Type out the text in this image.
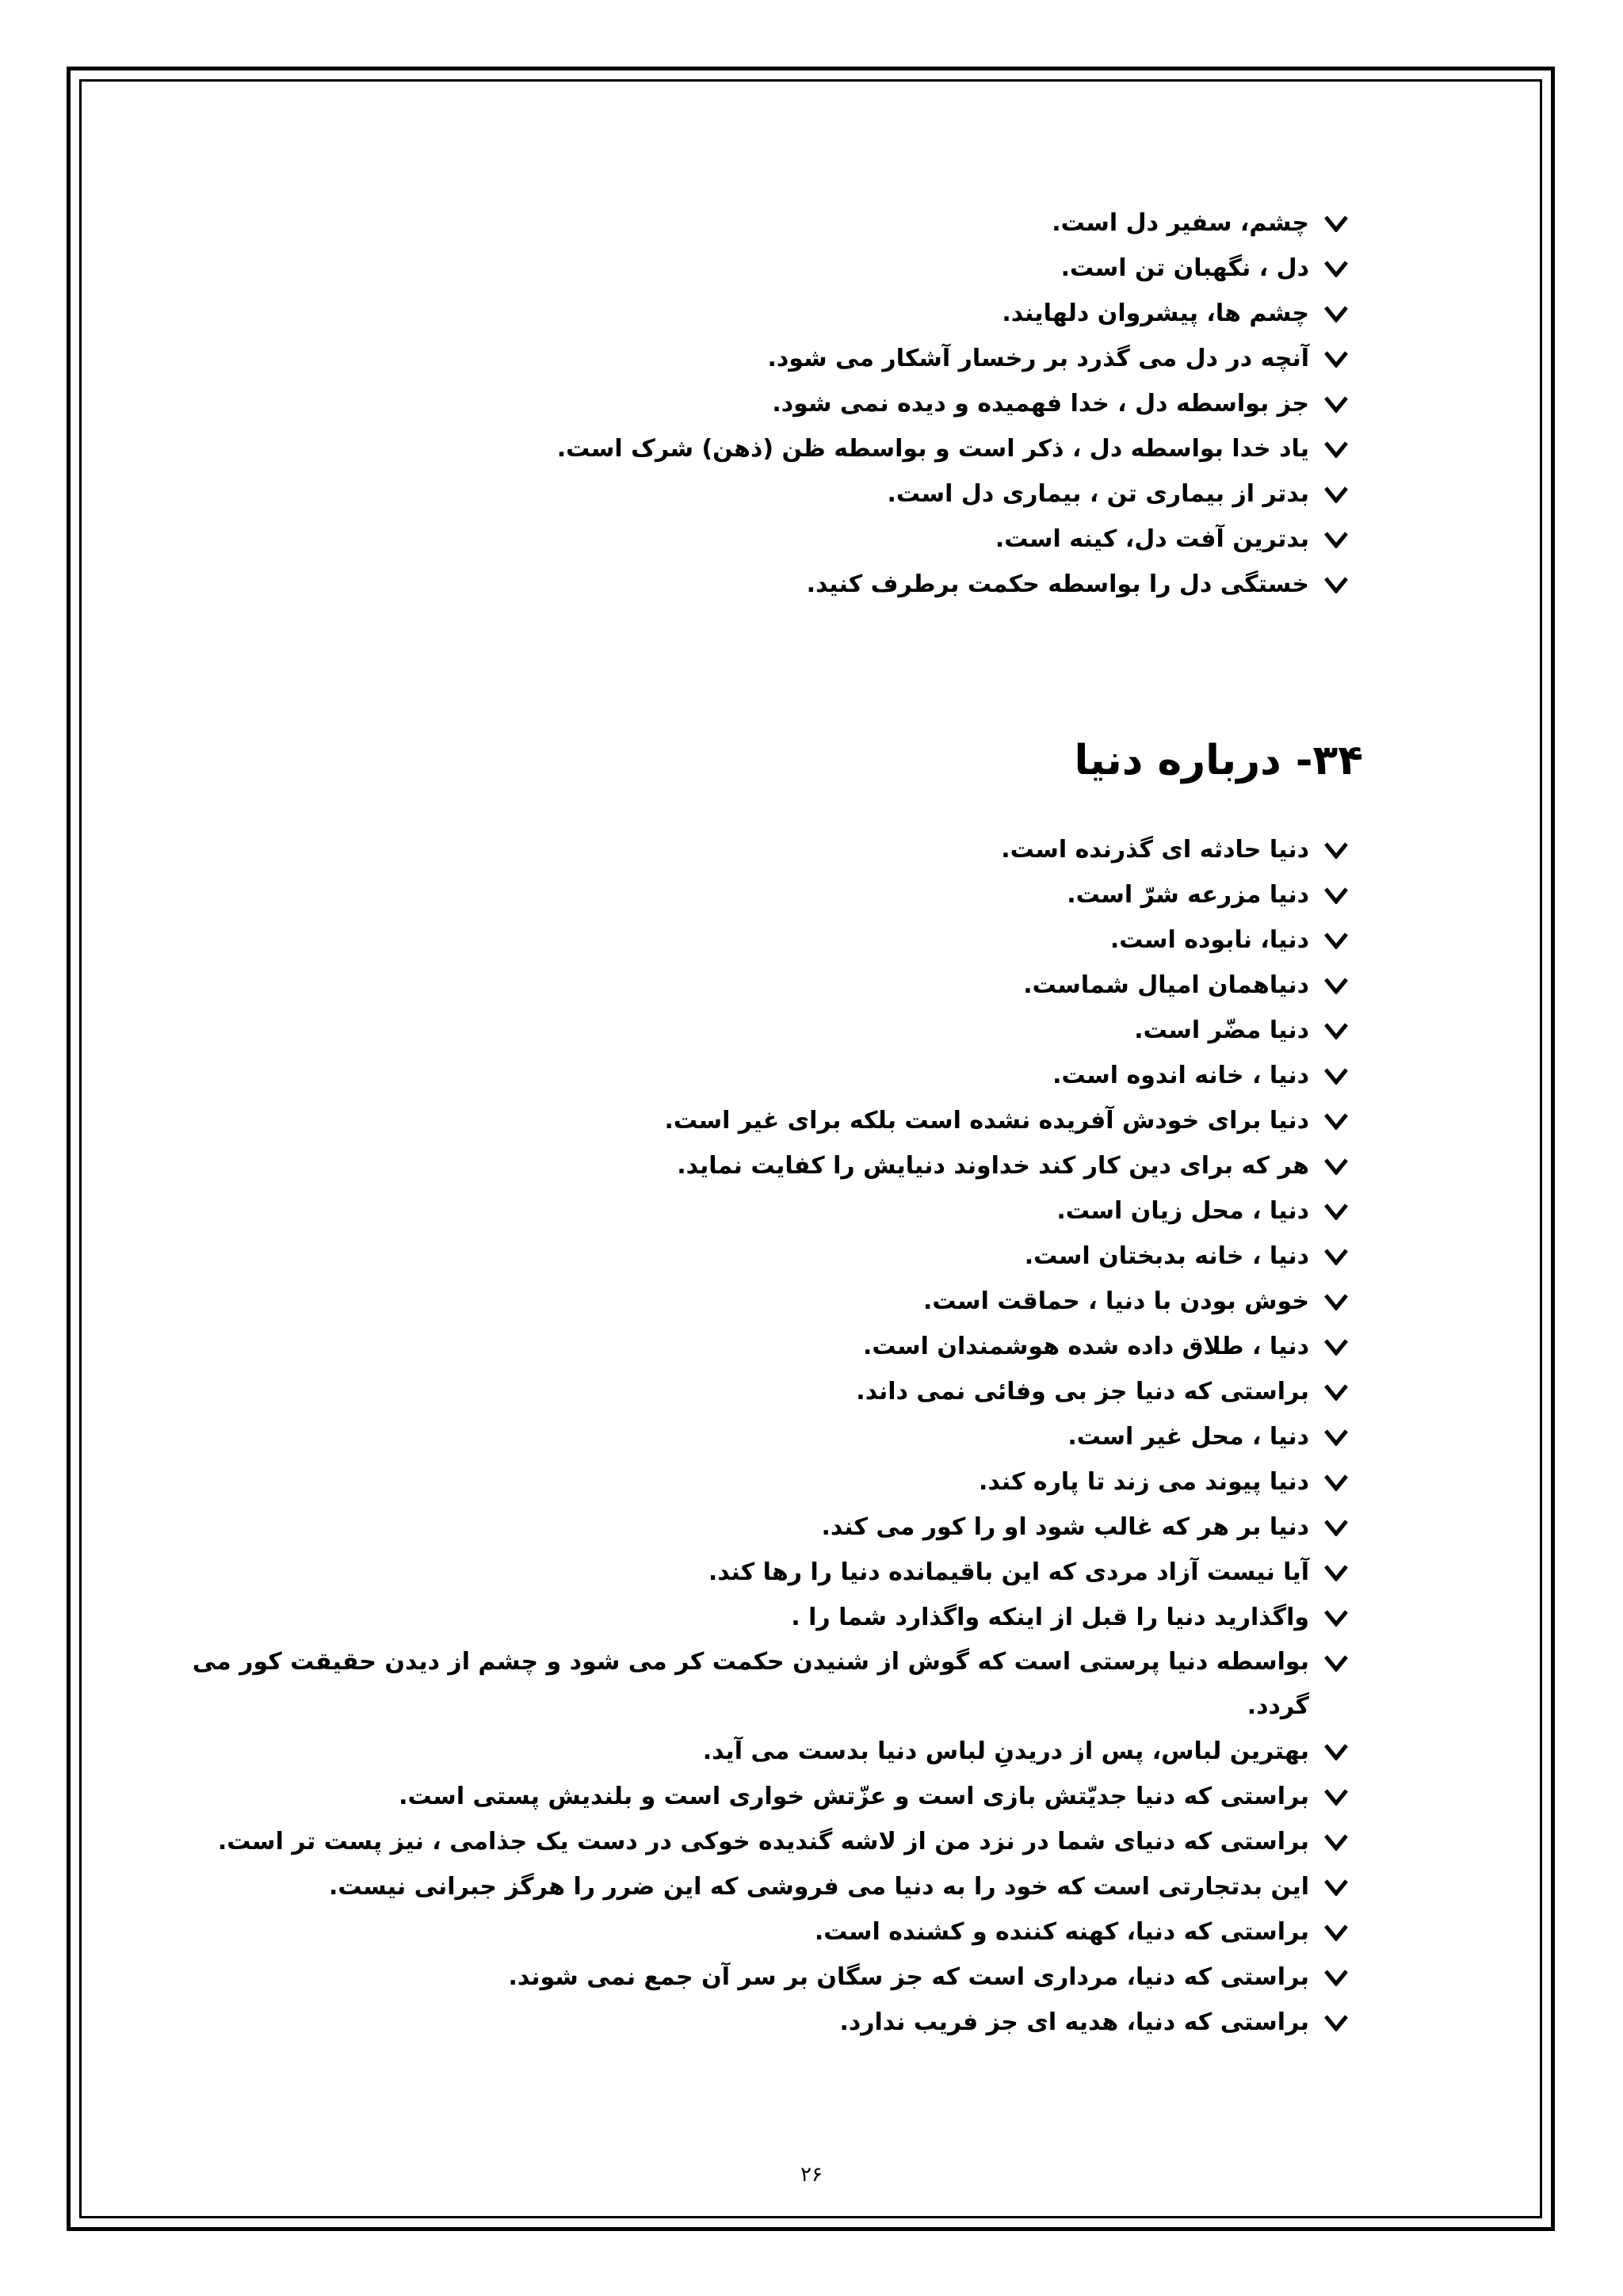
چشم، سفیر دل است.
دل ، نگهبان تن است.
چشم ها، پیشروان دلهایند.
آنچه در دل می گذرد بر رخسار آشکار می شود.
جز بواسطه دل ، خدا فهمیده و دیده نمی شود.
یاد خدا بواسطه دل ، ذکر است و بواسطه ظن (ذهن) شرک است.
بدتر از بیماری تن ، بیماری دل است.
بدترین آفت دل، کینه است.
خستگی دل را بواسطه حکمت برطرف کنید.
۳۴- درباره دنیا
دنیا حادثه ای گذرنده است.
دنیا مزرعه شرّ است.
دنیا، نابوده است.
دنیاهمان امیال شماست.
دنیا مضّر است.
دنیا ، خانه اندوه است.
دنیا برای خودش آفریده نشده است بلکه برای غیر است.
هر که برای دین کار کند خداوند دنیایش را کفایت نماید.
دنیا ، محل زیان است.
دنیا ، خانه بدبختان است.
خوش بودن با دنیا ، حماقت است.
دنیا ، طلاق داده شده هوشمندان است.
براستی که دنیا جز بی وفائی نمی داند.
دنیا ، محل غیر است.
دنیا پیوند می زند تا پاره کند.
دنیا بر هر که غالب شود او را کور می کند.
آیا نیست آزاد مردی که این باقیمانده دنیا را رها کند.
واگذارید دنیا را قبل از اینکه واگذارد شما را .
بواسطه دنیا پرستی است که گوش از شنیدن حکمت کر می شود و چشم از دیدن حقیقت کور می گردد.
بهترین لباس، پس از دریدنِ لباس دنیا بدست می آید.
براستی که دنیا جدیّتش بازی است و عزّتش خواری است و بلندیش پستی است.
براستی که دنیای شما در نزد من از لاشه گندیده خوکی در دست یک جذامی ، نیز پست تر است.
این بدتجارتی است که خود را به دنیا می فروشی که این ضرر را هرگز جبرانی نیست.
براستی که دنیا، کهنه کننده و کشنده است.
براستی که دنیا، مرداری است که جز سگان بر سر آن جمع نمی شوند.
براستی که دنیا، هدیه ای جز فریب ندارد.
۲۶
